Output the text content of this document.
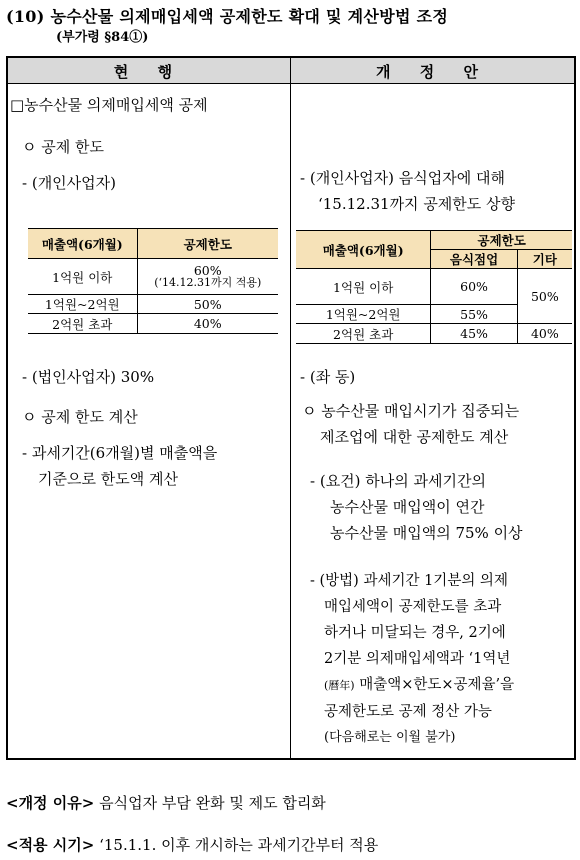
(10) 농수산물 의제매입세액 공제한도 확대 및 계산방법 조정
(부가령 §84①)
현 행	개 정 안
□농수산물 의제매입세액 공제
ㅇ 공제 한도
- (개인사업자)
매출액(6개월)	공제한도
1억원 이하	60%
(‘14.12.31까지 적용)

1억원~2억원	50%
2억원 초과	40%
- (법인사업자) 30%
ㅇ 공제 한도 계산
- 과세기간(6개월)별 매출액을
기준으로 한도액 계산
- (개인사업자) 음식업자에 대해
‘15.12.31까지 공제한도 상향
매출액(6개월)	공제한도	
	음식점업	기타
1억원 이하	60%	50%
1억원~2억원	55%	
2억원 초과	45%	40%
- (좌 동)
ㅇ 농수산물 매입시기가 집중되는
제조업에 대한 공제한도 계산
- (요건) 하나의 과세기간의
농수산물 매입액이 연간
농수산물 매입액의 75% 이상
- (방법) 과세기간 1기분의 의제
매입세액이 공제한도를 초과
하거나 미달되는 경우, 2기에
2기분 의제매입세액과 ‘1역년
(曆年) 매출액×한도×공제율’을
공제한도로 공제 정산 가능
(다음해로는 이월 불가)
<개정 이유> 음식업자 부담 완화 및 제도 합리화
<적용 시기> ‘15.1.1. 이후 개시하는 과세기간부터 적용
